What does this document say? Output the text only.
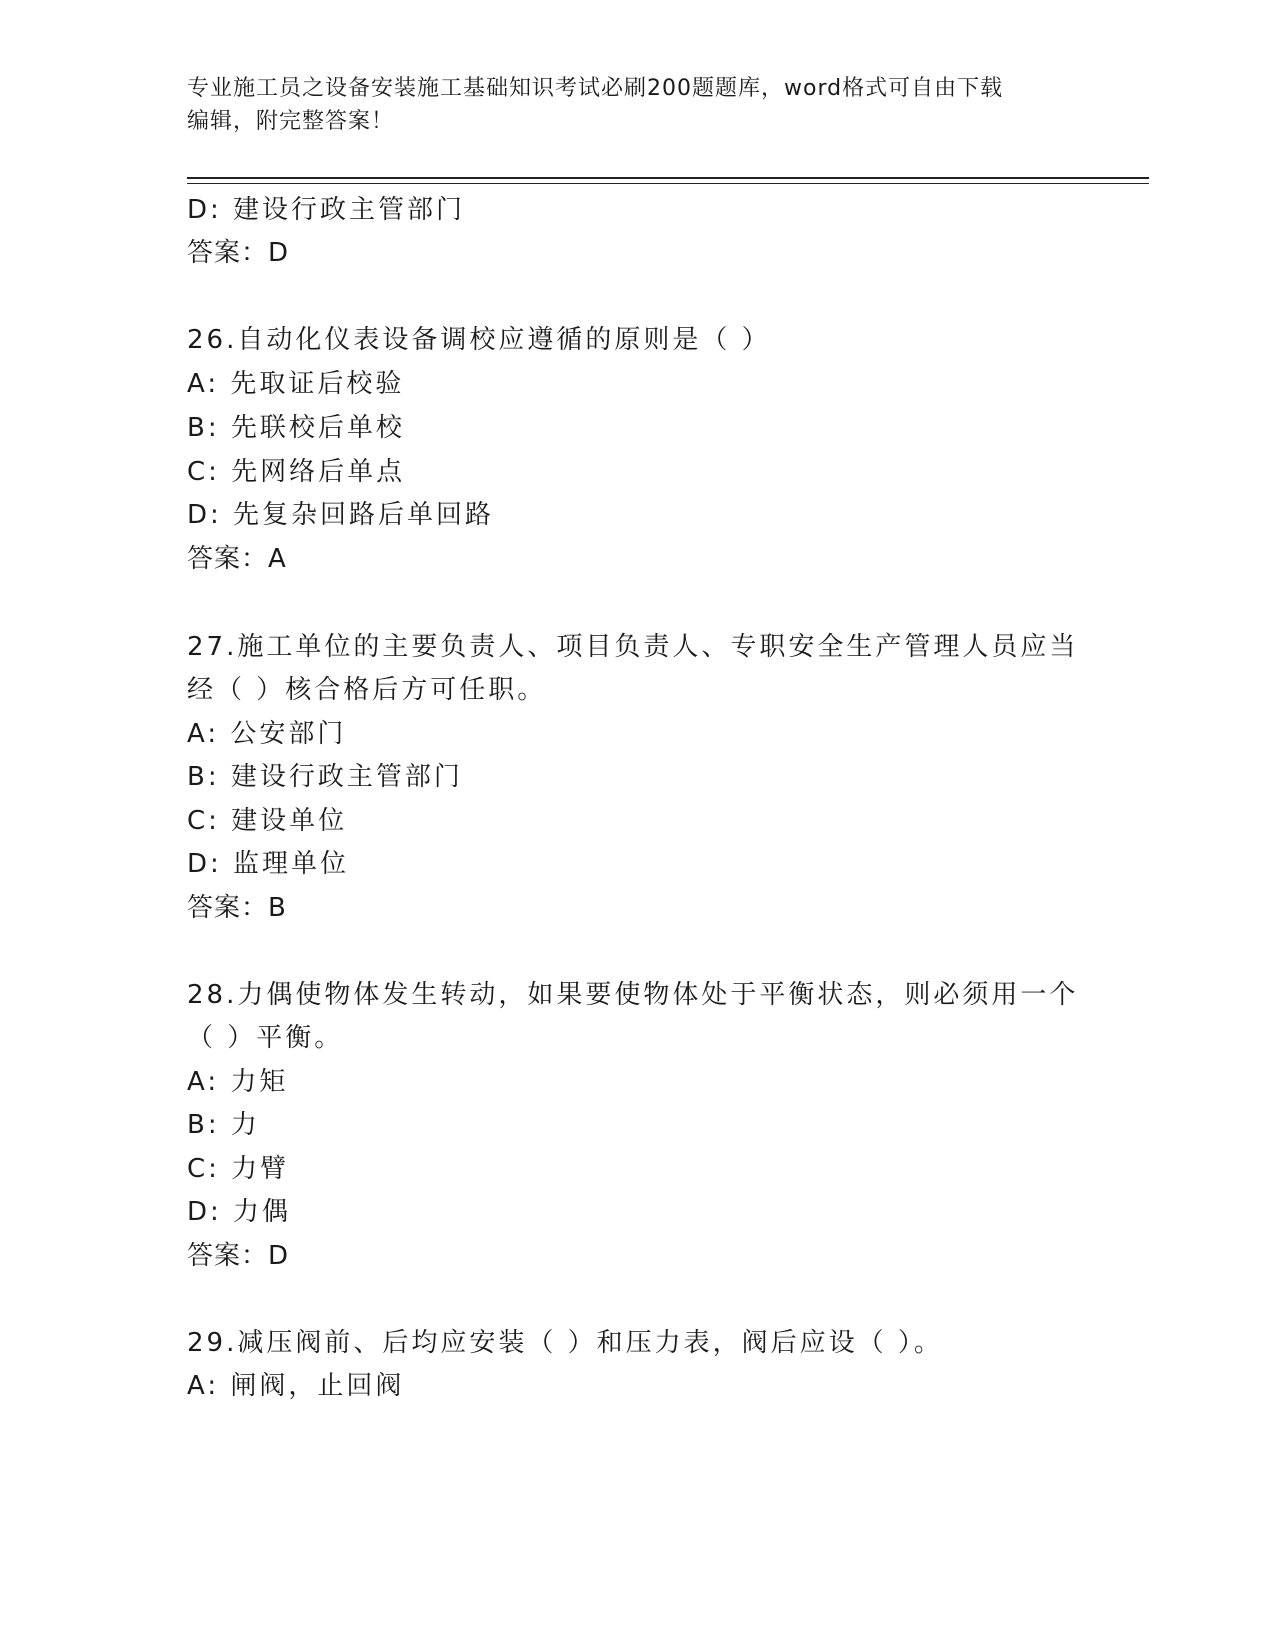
专业施工员之设备安装施工基础知识考试必刷200题题库，word格式可自由下载
编辑，附完整答案！
D: 建设行政主管部门
答案：D
26.自动化仪表设备调校应遵循的原则是（ ）
A: 先取证后校验
B: 先联校后单校
C: 先网络后单点
D: 先复杂回路后单回路
答案：A
27.施工单位的主要负责人、项目负责人、专职安全生产管理人员应当
经（ ）核合格后方可任职。
A: 公安部门
B: 建设行政主管部门
C: 建设单位
D: 监理单位
答案：B
28.力偶使物体发生转动，如果要使物体处于平衡状态，则必须用一个
（ ）平衡。
A: 力矩
B: 力
C: 力臂
D: 力偶
答案：D
29.减压阀前、后均应安装（ ）和压力表，阀后应设（ ）。
A: 闸阀，止回阀
